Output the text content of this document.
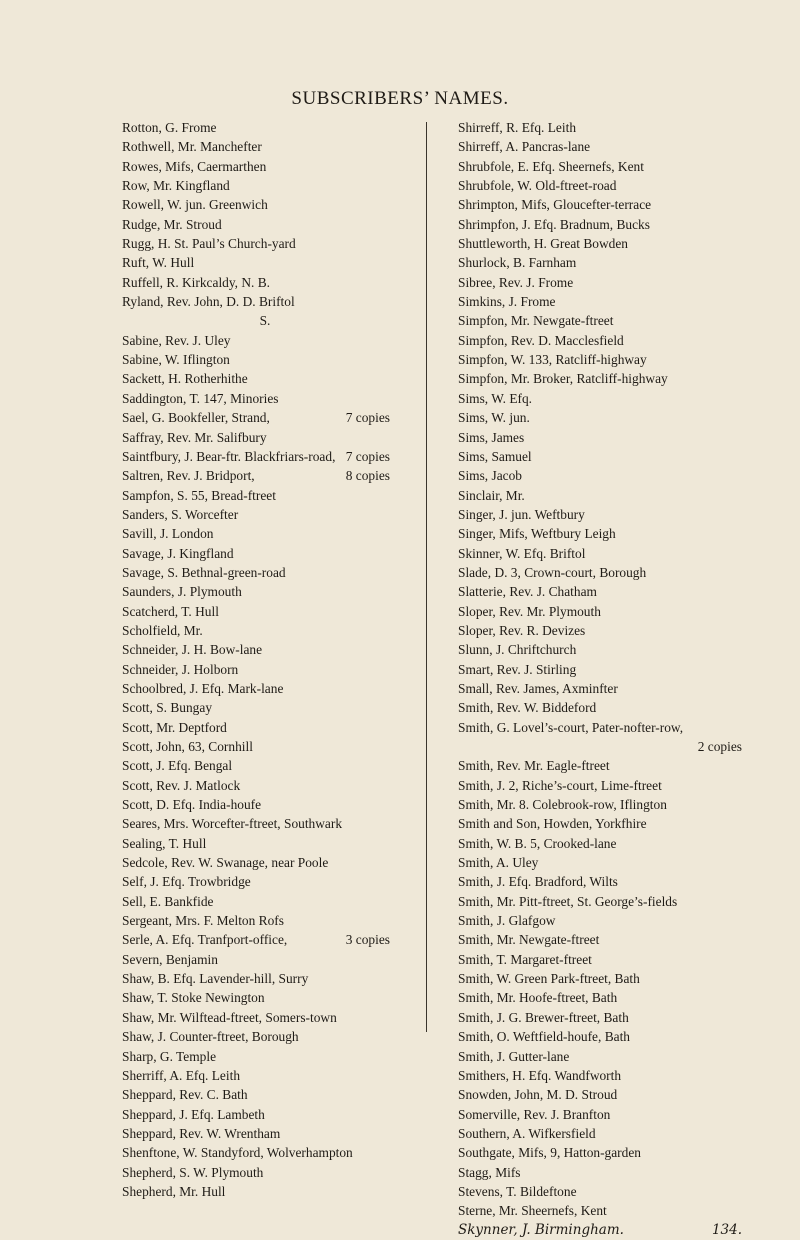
SUBSCRIBERS’ NAMES.
Rotton, G. Frome
Rothwell, Mr. Manchefter
Rowes, Mifs, Caermarthen
Row, Mr. Kingfland
Rowell, W. jun. Greenwich
Rudge, Mr. Stroud
Rugg, H. St. Paul’s Church-yard
Ruft, W. Hull
Ruffell, R. Kirkcaldy, N. B.
Ryland, Rev. John, D. D. Briftol
S.
Sabine, Rev. J. Uley
Sabine, W. Iflington
Sackett, H. Rotherhithe
Saddington, T. 147, Minories
Sael, G. Bookfeller, Strand,	7 copies
Saffray, Rev. Mr. Salifbury
Saintfbury, J. Bear-ftr. Blackfriars-road, 7 copies
Saltren, Rev. J. Bridport,	8 copies
Sampfon, S. 55, Bread-ftreet
Sanders, S. Worcefter
Savill, J. London
Savage, J. Kingfland
Savage, S. Bethnal-green-road
Saunders, J. Plymouth
Scatcherd, T. Hull
Scholfield, Mr.
Schneider, J. H. Bow-lane
Schneider, J. Holborn
Schoolbred, J. Efq. Mark-lane
Scott, S. Bungay
Scott, Mr. Deptford
Scott, John, 63, Cornhill
Scott, J. Efq. Bengal
Scott, Rev. J. Matlock
Scott, D. Efq. India-houfe
Seares, Mrs. Worcefter-ftreet, Southwark
Sealing, T. Hull
Sedcole, Rev. W. Swanage, near Poole
Self, J. Efq. Trowbridge
Sell, E. Bankfide
Sergeant, Mrs. F. Melton Rofs
Serle, A. Efq. Tranfport-office,	3 copies
Severn, Benjamin
Shaw, B. Efq. Lavender-hill, Surry
Shaw, T. Stoke Newington
Shaw, Mr. Wilftead-ftreet, Somers-town
Shaw, J. Counter-ftreet, Borough
Sharp, G. Temple
Sherriff, A. Efq. Leith
Sheppard, Rev. C. Bath
Sheppard, J. Efq. Lambeth
Sheppard, Rev. W. Wrentham
Shenftone, W. Standyford, Wolverhampton
Shepherd, S. W. Plymouth
Shepherd, Mr. Hull
Shirreff, R. Efq. Leith
Shirreff, A. Pancras-lane
Shrubfole, E. Efq. Sheernefs, Kent
Shrubfole, W. Old-ftreet-road
Shrimpton, Mifs, Gloucefter-terrace
Shrimpfon, J. Efq. Bradnum, Bucks
Shuttleworth, H. Great Bowden
Shurlock, B. Farnham
Sibree, Rev. J. Frome
Simkins, J. Frome
Simpfon, Mr. Newgate-ftreet
Simpfon, Rev. D. Macclesfield
Simpfon, W. 133, Ratcliff-highway
Simpfon, Mr. Broker, Ratcliff-highway
Sims, W. Efq.
Sims, W. jun.
Sims, James
Sims, Samuel
Sims, Jacob
Sinclair, Mr.
Singer, J. jun. Weftbury
Singer, Mifs, Weftbury Leigh
Skinner, W. Efq. Briftol
Slade, D. 3, Crown-court, Borough
Slatterie, Rev. J. Chatham
Sloper, Rev. Mr. Plymouth
Sloper, Rev. R. Devizes
Slunn, J. Chriftchurch
Smart, Rev. J. Stirling
Small, Rev. James, Axminfter
Smith, Rev. W. Biddeford
Smith, G. Lovel’s-court, Pater-nofter-row,
2 copies
Smith, Rev. Mr. Eagle-ftreet
Smith, J. 2, Riche’s-court, Lime-ftreet
Smith, Mr. 8. Colebrook-row, Iflington
Smith and Son, Howden, Yorkfhire
Smith, W. B. 5, Crooked-lane
Smith, A. Uley
Smith, J. Efq. Bradford, Wilts
Smith, Mr. Pitt-ftreet, St. George’s-fields
Smith, J. Glafgow
Smith, Mr. Newgate-ftreet
Smith, T. Margaret-ftreet
Smith, W. Green Park-ftreet, Bath
Smith, Mr. Hoofe-ftreet, Bath
Smith, J. G. Brewer-ftreet, Bath
Smith, O. Weftfield-houfe, Bath
Smith, J. Gutter-lane
Smithers, H. Efq. Wandfworth
Snowden, John, M. D. Stroud
Somerville, Rev. J. Branfton
Southern, A. Wifkersfield
Southgate, Mifs, 9, Hatton-garden
Stagg, Mifs
Stevens, T. Bildeftone
Sterne, Mr. Sheernefs, Kent
Skynner, J. Birmingham.	134.
